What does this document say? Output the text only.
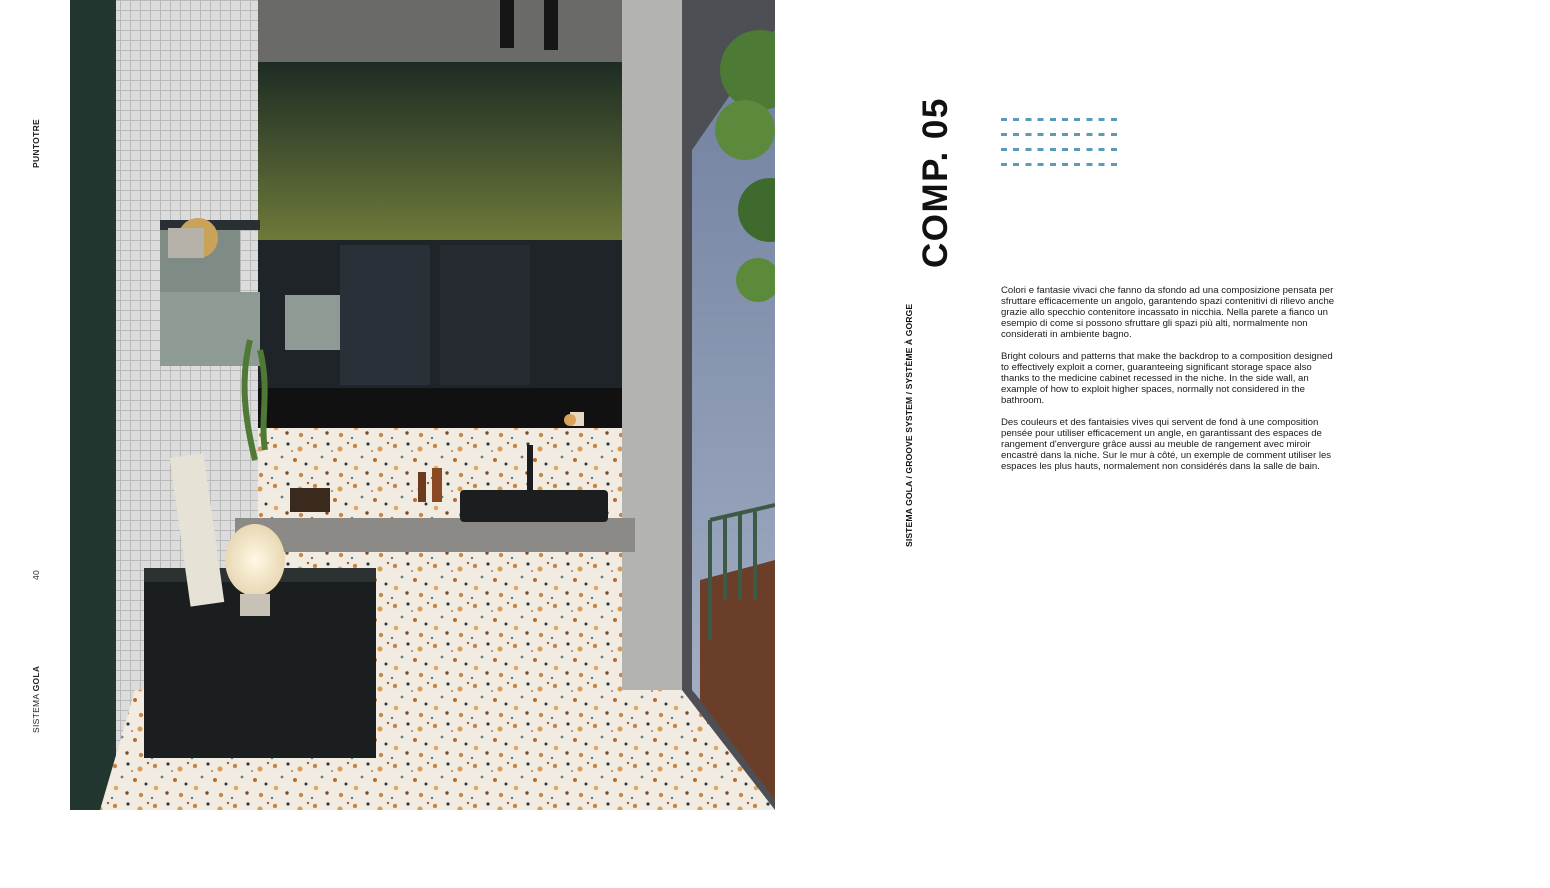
PUNTOTRE
40
SISTEMA GOLA
COMP. 05
SISTEMA GOLA / GROOVE SYSTEM / SYSTÈME À GORGE

Colori e fantasie vivaci che fanno da sfondo ad una composizione pensata per sfruttare efficacemente un angolo, garantendo spazi contenitivi di rilievo anche grazie allo specchio contenitore incassato in nicchia. Nella parete a fianco un esempio di come si possono sfruttare gli spazi più alti, normalmente non considerati in ambiente bagno.

Bright colours and patterns that make the backdrop to a composition designed to effectively exploit a corner, guaranteeing significant storage space also thanks to the medicine cabinet recessed in the niche. In the side wall, an example of how to exploit higher spaces, normally not considered in the bathroom.

Des couleurs et des fantaisies vives qui servent de fond à une composition pensée pour utiliser efficacement un angle, en garantissant des espaces de rangement d'envergure grâce aussi au meuble de rangement avec miroir encastré dans la niche. Sur le mur à côté, un exemple de comment utiliser les espaces les plus hauts, normalement non considérés dans la salle de bain.
